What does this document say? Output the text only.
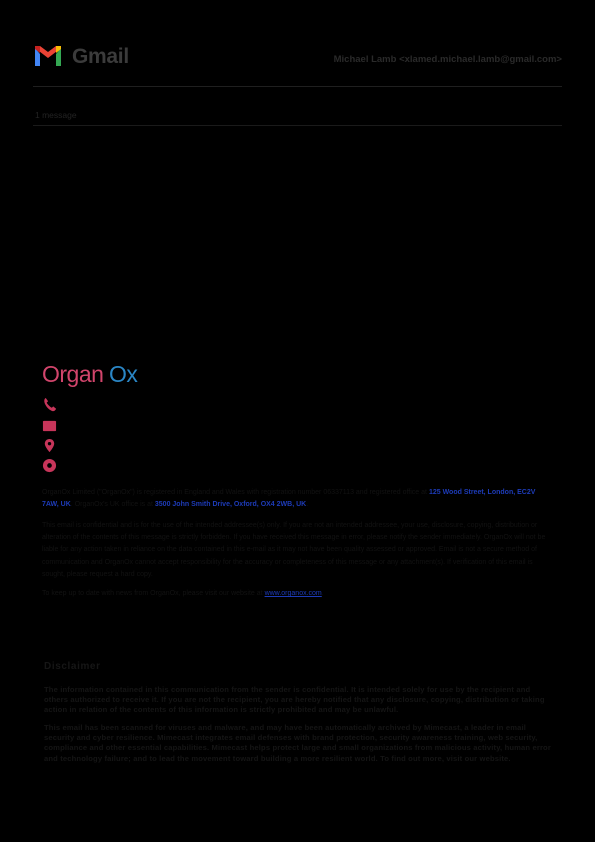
Gmail	Michael Lamb <xlamed.michael.lamb@gmail.com>
1 message
Organ Ox
OrganOx Limited ("OrganOx") is registered in England and Wales with registration number 06337113 and registered office at 125 Wood Street, London, EC2V 7AW, UK. OrganOx's UK office is at 3500 John Smith Drive, Oxford, OX4 2WB, UK.
This email is confidential and is for the use of the intended addressee(s) only. If you are not an intended addressee, your use, disclosure, copying, distribution or alteration of the contents of this message is strictly forbidden. If you have received this message in error, please notify the sender immediately. OrganOx will not be liable for any action taken in reliance on the data contained in this e-mail as it may not have been quality assessed or approved. Email is not a secure method of communication and OrganOx cannot accept responsibility for the accuracy or completeness of this message or any attachment(s). If verification of this email is sought, please request a hard copy.
To keep up to date with news from OrganOx, please visit our website at www.organox.com.
Disclaimer
The information contained in this communication from the sender is confidential. It is intended solely for use by the recipient and others authorized to receive it. If you are not the recipient, you are hereby notified that any disclosure, copying, distribution or taking action in relation of the contents of this information is strictly prohibited and may be unlawful.
This email has been scanned for viruses and malware, and may have been automatically archived by Mimecast, a leader in email security and cyber resilience. Mimecast integrates email defenses with brand protection, security awareness training, web security, compliance and other essential capabilities. Mimecast helps protect large and small organizations from malicious activity, human error and technology failure; and to lead the movement toward building a more resilient world. To find out more, visit our website.
